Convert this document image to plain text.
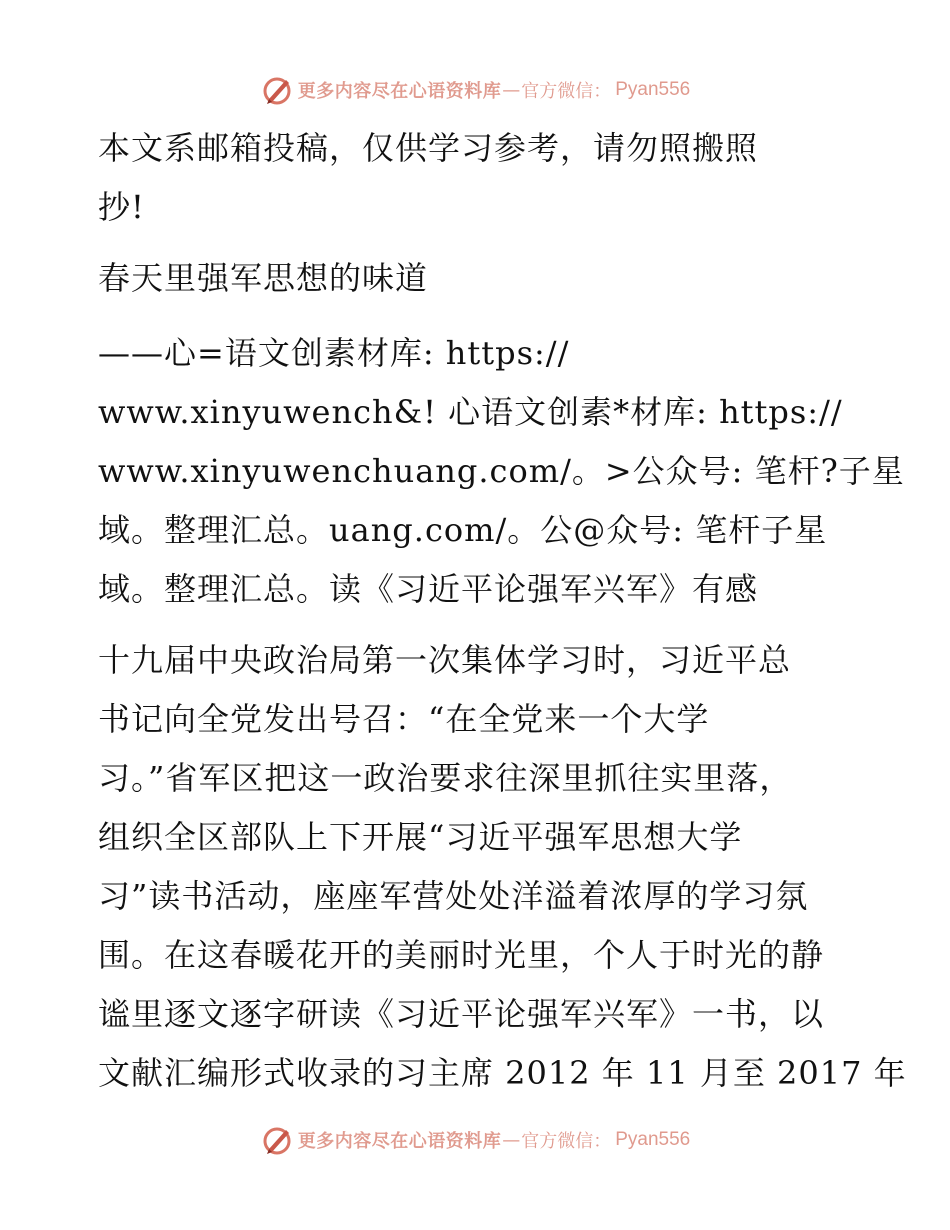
更多内容尽在心语资料库 — 官方微信： Pyan556
本文系邮箱投稿，仅供学习参考，请勿照搬照
抄!
春天里强军思想的味道
——心=语文创素材库: https://
www.xinyuwench&! 心语文创素*材库: https://
www.xinyuwenchuang.com/。>公众号: 笔杆?子星
域。整理汇总。uang.com/。公@众号: 笔杆子星
域。整理汇总。读《习近平论强军兴军》有感
十九届中央政治局第一次集体学习时，习近平总
书记向全党发出号召：“在全党来一个大学
习。”省军区把这一政治要求往深里抓往实里落，
组织全区部队上下开展“习近平强军思想大学
习”读书活动，座座军营处处洋溢着浓厚的学习氛
围。在这春暖花开的美丽时光里，个人于时光的静
谧里逐文逐字研读《习近平论强军兴军》一书，以
文献汇编形式收录的习主席 2012 年 11 月至 2017 年
更多内容尽在心语资料库 — 官方微信： Pyan556
